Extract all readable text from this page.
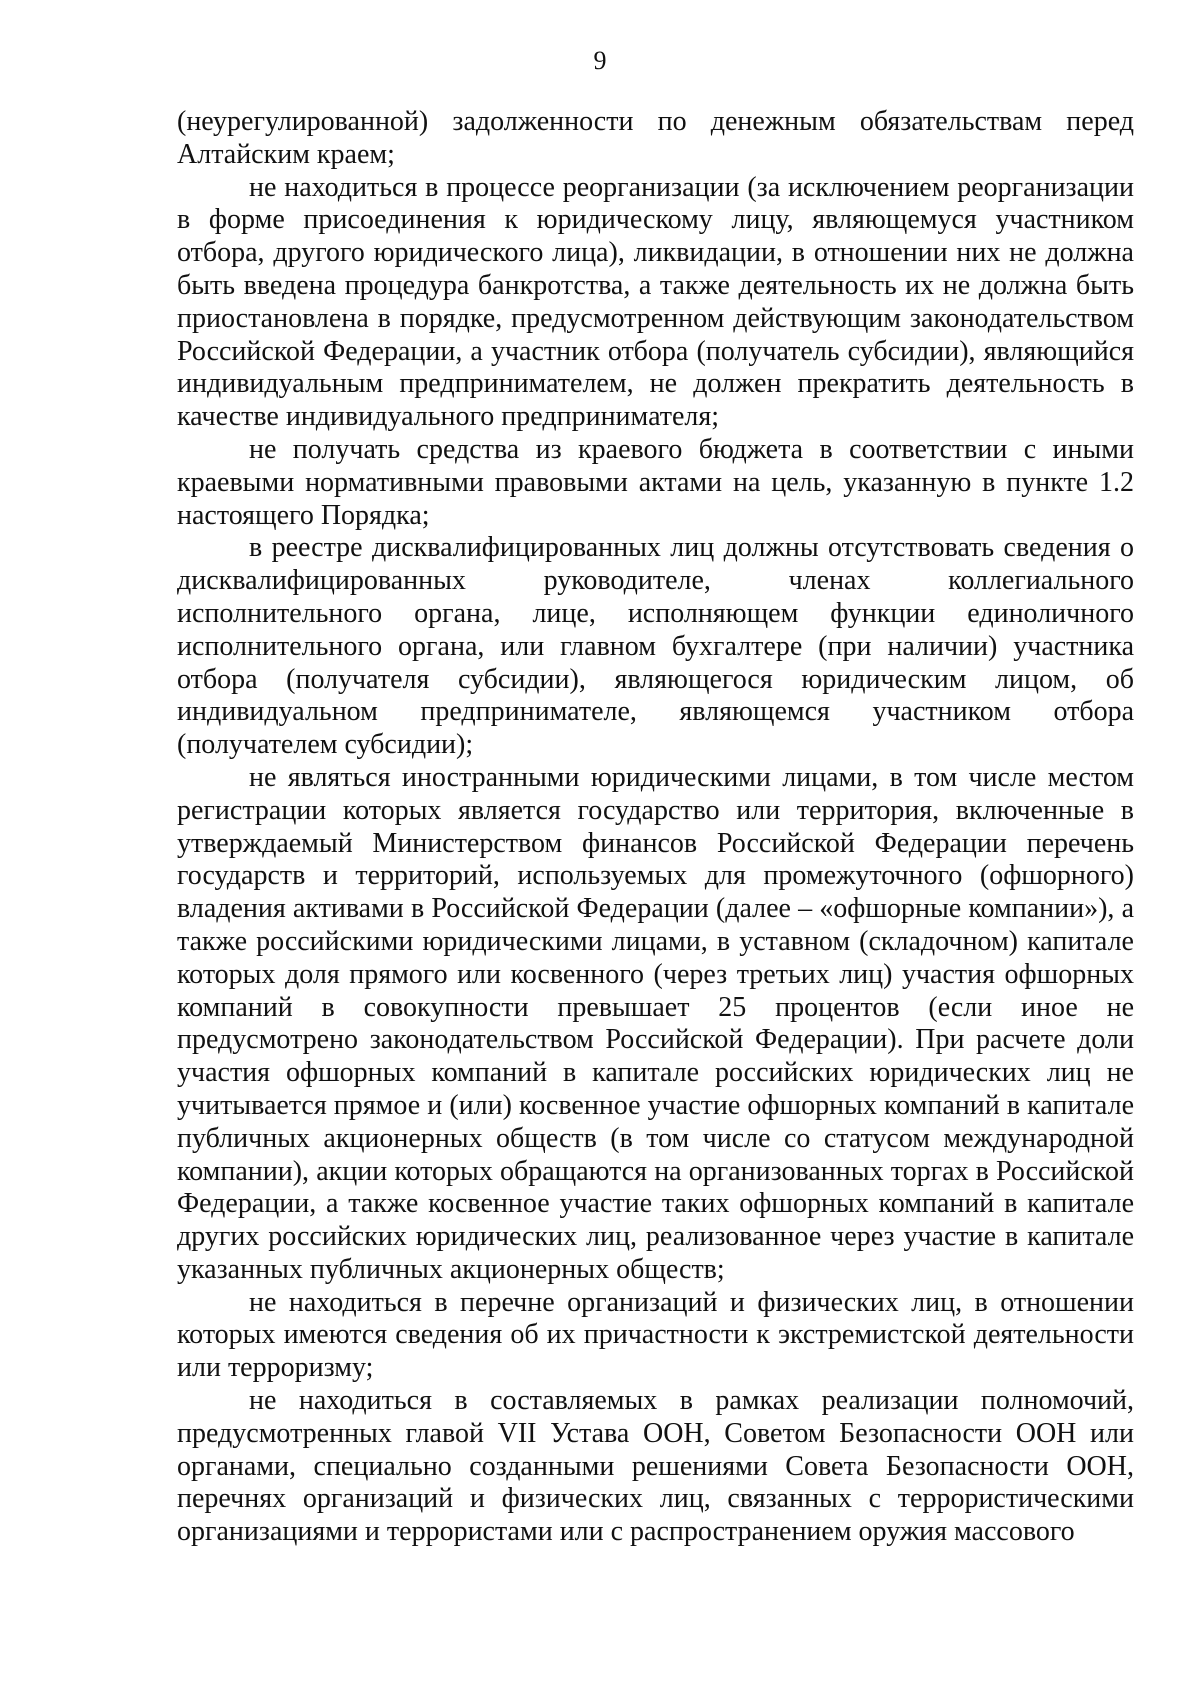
9

(неурегулированной) задолженности по денежным обязательствам перед Алтайским краем;

не находиться в процессе реорганизации (за исключением реорганизации в форме присоединения к юридическому лицу, являющемуся участником отбора, другого юридического лица), ликвидации, в отношении них не должна быть введена процедура банкротства, а также деятельность их не должна быть приостановлена в порядке, предусмотренном действующим законодательством Российской Федерации, а участник отбора (получатель субсидии), являющийся индивидуальным предпринимателем, не должен прекратить деятельность в качестве индивидуального предпринимателя;

не получать средства из краевого бюджета в соответствии с иными краевыми нормативными правовыми актами на цель, указанную в пункте 1.2 настоящего Порядка;

в реестре дисквалифицированных лиц должны отсутствовать сведения о дисквалифицированных руководителе, членах коллегиального исполнительного органа, лице, исполняющем функции единоличного исполнительного органа, или главном бухгалтере (при наличии) участника отбора (получателя субсидии), являющегося юридическим лицом, об индивидуальном предпринимателе, являющемся участником отбора (получателем субсидии);

не являться иностранными юридическими лицами, в том числе местом регистрации которых является государство или территория, включенные в утверждаемый Министерством финансов Российской Федерации перечень государств и территорий, используемых для промежуточного (офшорного) владения активами в Российской Федерации (далее – «офшорные компании»), а также российскими юридическими лицами, в уставном (складочном) капитале которых доля прямого или косвенного (через третьих лиц) участия офшорных компаний в совокупности превышает 25 процентов (если иное не предусмотрено законодательством Российской Федерации). При расчете доли участия офшорных компаний в капитале российских юридических лиц не учитывается прямое и (или) косвенное участие офшорных компаний в капитале публичных акционерных обществ (в том числе со статусом международной компании), акции которых обращаются на организованных торгах в Российской Федерации, а также косвенное участие таких офшорных компаний в капитале других российских юридических лиц, реализованное через участие в капитале указанных публичных акционерных обществ;

не находиться в перечне организаций и физических лиц, в отношении которых имеются сведения об их причастности к экстремистской деятельности или терроризму;

не находиться в составляемых в рамках реализации полномочий, предусмотренных главой VII Устава ООН, Советом Безопасности ООН или органами, специально созданными решениями Совета Безопасности ООН, перечнях организаций и физических лиц, связанных с террористическими организациями и террористами или с распространением оружия массового
